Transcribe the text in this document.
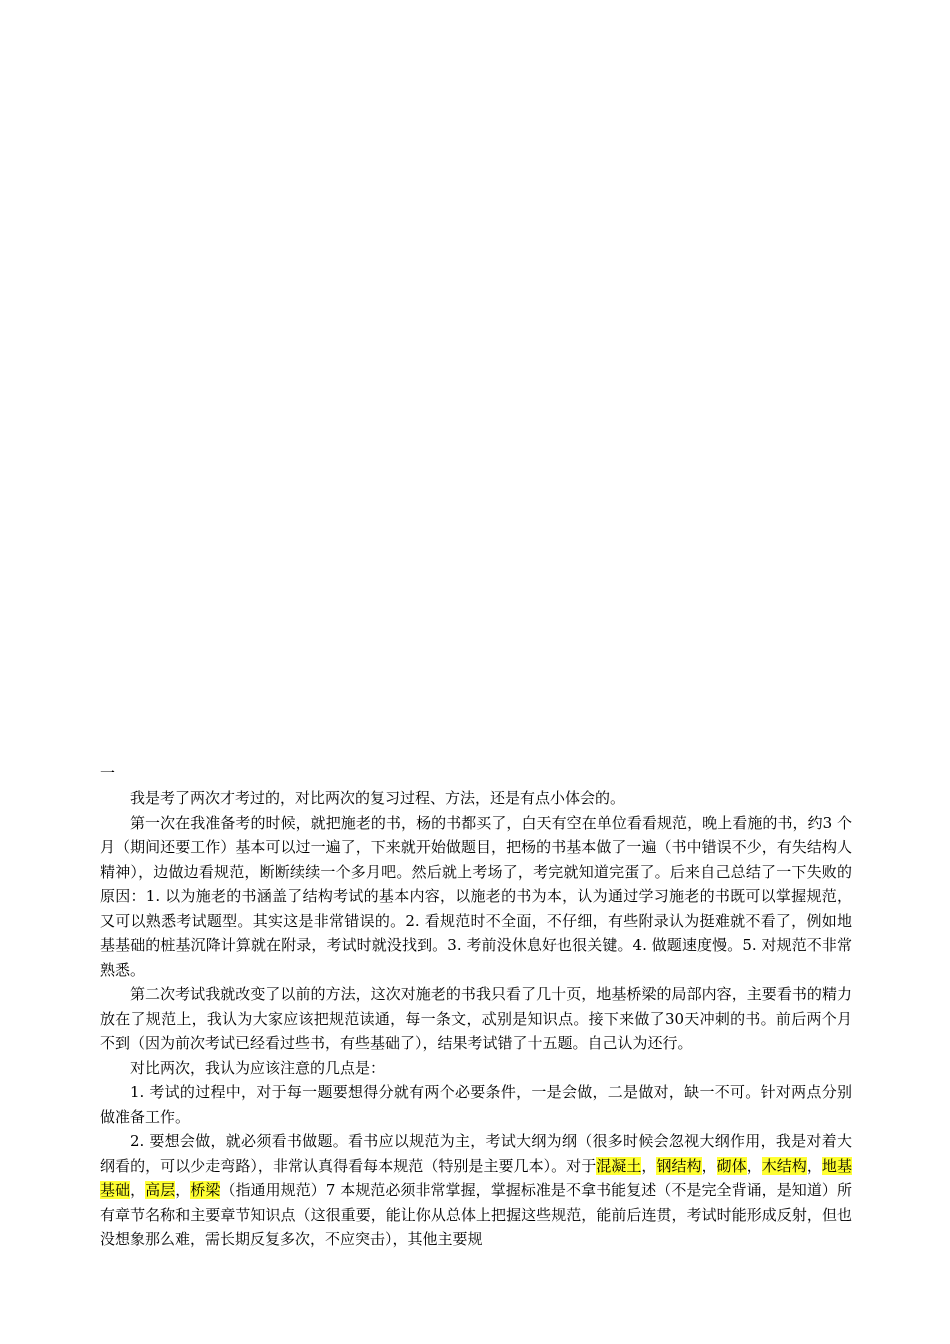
一

我是考了两次才考过的，对比两次的复习过程、方法，还是有点小体会的。

第一次在我准备考的时候，就把施老的书，杨的书都买了，白天有空在单位看看规范，晚上看施的书，约3 个月（期间还要工作）基本可以过一遍了，下来就开始做题目，把杨的书基本做了一遍（书中错误不少，有失结构人精神），边做边看规范，断断续续一个多月吧。然后就上考场了，考完就知道完蛋了。后来自己总结了一下失败的原因：1. 以为施老的书涵盖了结构考试的基本内容，以施老的书为本，认为通过学习施老的书既可以掌握规范，又可以熟悉考试题型。其实这是非常错误的。2. 看规范时不全面，不仔细，有些附录认为挺难就不看了，例如地基基础的桩基沉降计算就在附录，考试时就没找到。3. 考前没休息好也很关键。4. 做题速度慢。5. 对规范不非常熟悉。

第二次考试我就改变了以前的方法，这次对施老的书我只看了几十页，地基桥梁的局部内容，主要看书的精力放在了规范上，我认为大家应该把规范读通，每一条文，忒别是知识点。接下来做了30天冲刺的书。前后两个月不到（因为前次考试已经看过些书，有些基础了），结果考试错了十五题。自己认为还行。

对比两次，我认为应该注意的几点是：

1. 考试的过程中，对于每一题要想得分就有两个必要条件，一是会做，二是做对，缺一不可。针对两点分别做准备工作。

2. 要想会做，就必须看书做题。看书应以规范为主，考试大纲为纲（很多时候会忽视大纲作用，我是对着大纲看的，可以少走弯路），非常认真得看每本规范（特别是主要几本）。对于混凝土，钢结构，砌体，木结构，地基基础，高层，桥梁（指通用规范）7 本规范必须非常掌握，掌握标准是不拿书能复述（不是完全背诵，是知道）所有章节名称和主要章节知识点（这很重要，能让你从总体上把握这些规范，能前后连贯，考试时能形成反射，但也没想象那么难，需长期反复多次，不应突击），其他主要规
